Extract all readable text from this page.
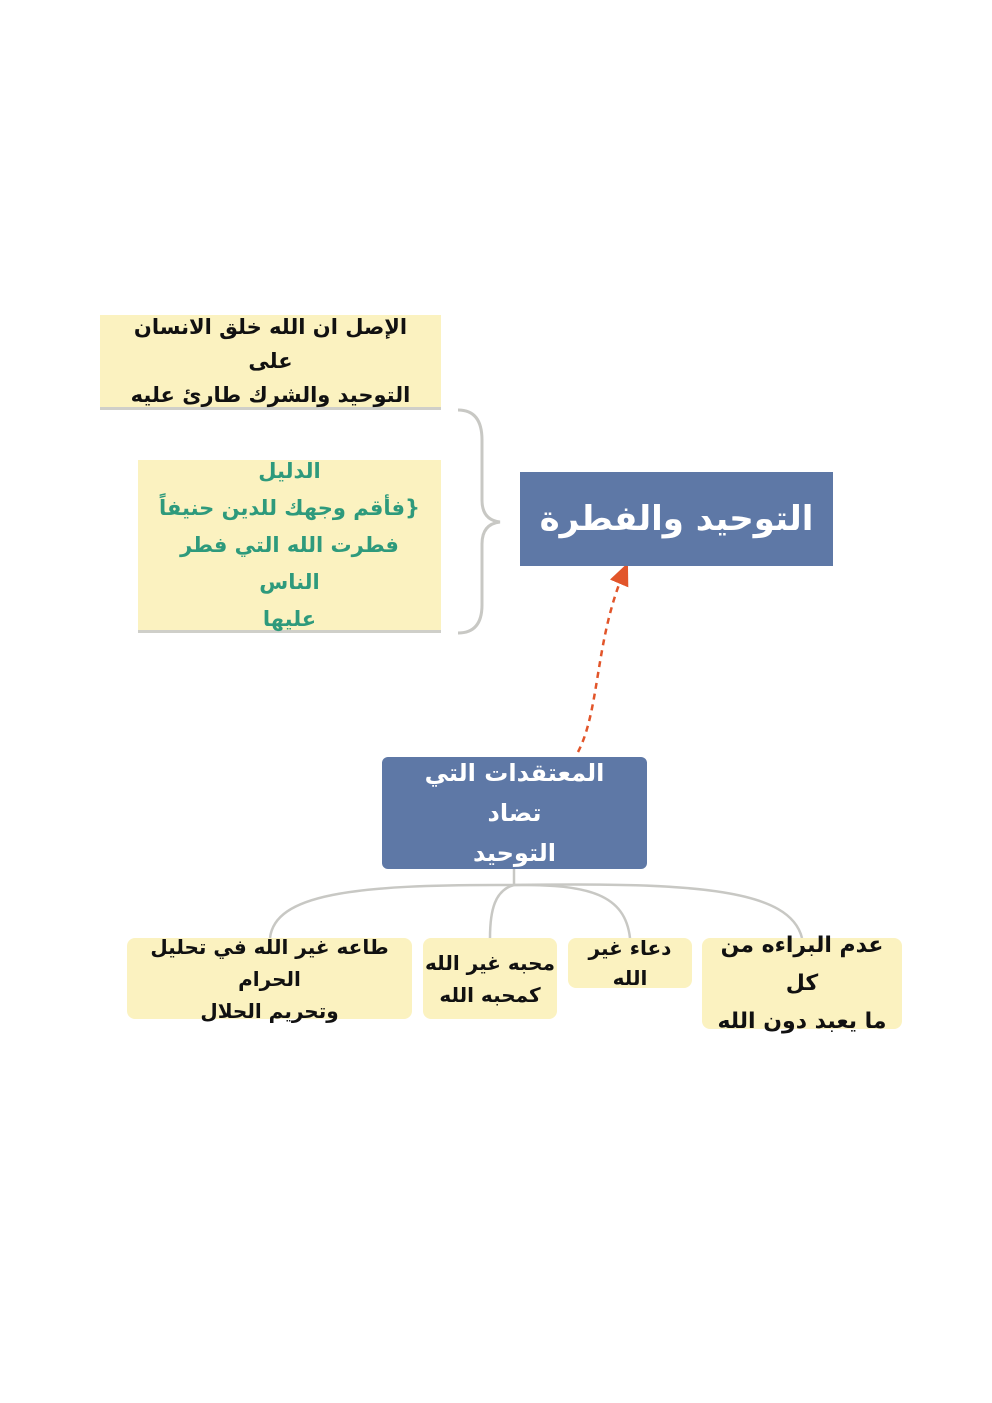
التوحيد والفطرة
الإصل ان الله خلق الانسان على
التوحيد والشرك طارئ عليه
الدليل
{فأقم وجهك للدين حنيفاً
فطرت الله التي فطر الناس
عليها
المعتقدات التي تضاد
التوحيد
عدم البراءه من كل
ما يعبد دون الله
دعاء غير الله
محبه غير الله
كمحبه الله
طاعه غير الله في تحليل الحرام
وتحريم الحلال
